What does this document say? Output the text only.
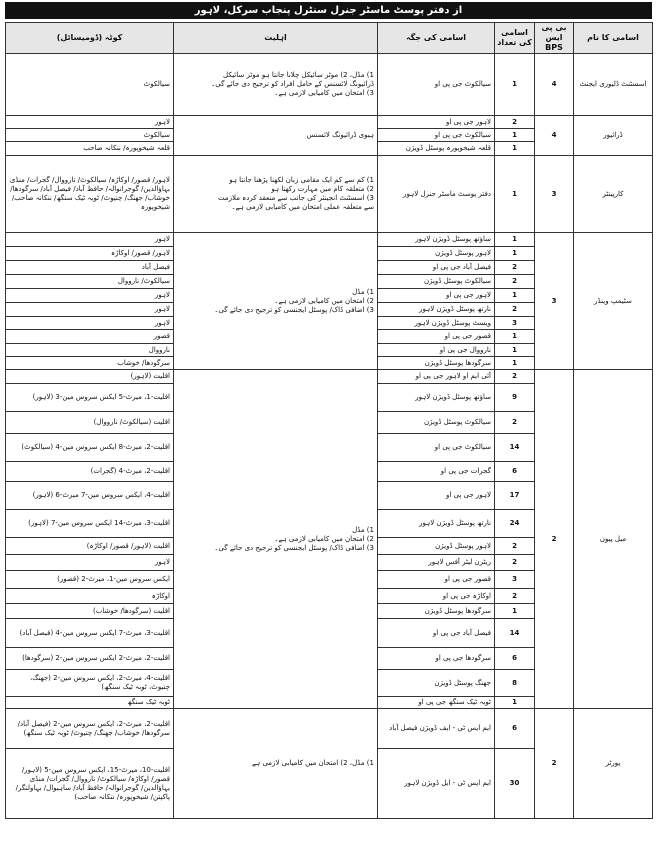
از دفتر پوسٹ ماسٹر جنرل سنٹرل پنجاب سرکل، لاہور
اسامی کا نام	بی پی ایس BPS	اسامی کی تعداد	اسامی کی جگہ	اہلیت	کوٹہ (ڈومیسائل)
اسسٹنٹ ڈلیوری ایجنٹ	4	1	سیالکوٹ جی پی او	1) مڈل، 2) موٹر سائیکل چلانا جانتا ہو موٹر سائیکل
ڈرائیونگ لائسنس کے حامل افراد کو ترجیح دی جائے گی۔
3) امتحان میں کامیابی لازمی ہے۔	سیالکوٹ
ڈرائیور	4	2	لاہور جی پی او	ہیوی ڈرائیونگ لائسنس	لاہور
		1	سیالکوٹ جی پی او		سیالکوٹ
		1	قلعہ شیخوپورہ پوسٹل ڈویژن		قلعہ شیخوپورہ/ ننکانہ صاحب
کارپینٹر	3	1	دفتر پوسٹ ماسٹر جنرل لاہور	1) کم سے کم ایک مقامی زبان لکھنا پڑھنا جانتا ہو
2) متعلقہ کام میں مہارت رکھتا ہو
3) اسسٹنٹ انجینئر کی جانب سے منعقد کردہ ملازمت
سے متعلقہ عملی امتحان میں کامیابی لازمی ہے۔	لاہور/ قصور/ اوکاڑہ/ سیالکوٹ/ نارووال/ گجرات/ منڈی بہاؤالدین/ گوجرانوالہ/ حافظ آباد/ فیصل آباد/ سرگودھا/ خوشاب/ جھنگ/ چنیوٹ/ ٹوبہ ٹیک سنگھ/ ننکانہ صاحب/ شیخوپورہ
سٹیمپ وینڈر	3	1	ساؤتھ پوسٹل ڈویژن لاہور	1) مڈل
2) امتحان میں کامیابی لازمی ہے۔
3) اضافی ڈاک/ پوسٹل ایجنسی کو ترجیح دی جائے گی۔	لاہور
		1	لاہور پوسٹل ڈویژن		لاہور/ قصور/ اوکاڑہ
		2	فیصل آباد جی پی او		فیصل آباد
		2	سیالکوٹ پوسٹل ڈویژن		سیالکوٹ/ نارووال
		1	لاہور جی پی او		لاہور
		2	نارتھ پوسٹل ڈویژن لاہور		لاہور
		3	ویسٹ پوسٹل ڈویژن لاہور		لاہور
		1	قصور جی پی او		قصور
		1	نارووال جی پی او		نارووال
		1	سرگودھا پوسٹل ڈویژن		سرگودھا/ خوشاب
میل پیون	2	2	آئی ایم او لاہور جی پی او	1) مڈل
2) امتحان میں کامیابی لازمی ہے۔
3) اضافی ڈاک/ پوسٹل ایجنسی کو ترجیح دی جائے گی۔	اقلیت (لاہور)
		9	ساؤتھ پوسٹل ڈویژن لاہور		اقلیت-1، میرٹ-5 ایکس سروس مین-3 (لاہور)
		2	سیالکوٹ پوسٹل ڈویژن		اقلیت (سیالکوٹ/ نارووال)
		14	سیالکوٹ جی پی او		اقلیت-2، میرٹ-8 ایکس سروس مین-4 (سیالکوٹ)
		6	گجرات جی پی او		اقلیت-2، میرٹ-4 (گجرات)
		17	لاہور جی پی او		اقلیت-4، ایکس سروس مین-7 میرٹ-6 (لاہور)
		24	نارتھ پوسٹل ڈویژن لاہور		اقلیت-3، میرٹ-14 ایکس سروس مین-7 (لاہور)
		2	لاہور پوسٹل ڈویژن		اقلیت (لاہور/ قصور/ اوکاڑہ)
		2	ریٹرن لیٹر آفس لاہور		لاہور
		3	قصور جی پی او		ایکس سروس مین-1، میرٹ-2 (قصور)
		2	اوکاڑہ جی پی او		اوکاڑہ
		1	سرگودھا پوسٹل ڈویژن		اقلیت (سرگودھا/ خوشاب)
		14	فیصل آباد جی پی او		اقلیت-3، میرٹ-7 ایکس سروس مین-4 (فیصل آباد)
		6	سرگودھا جی پی او		اقلیت-2، میرٹ-2 ایکس سروس مین-2 (سرگودھا)
		8	جھنگ پوسٹل ڈویژن		اقلیت-4، میرٹ-2، ایکس سروس مین-2 (جھنگ، چنیوٹ، ٹوبہ ٹیک سنگھ)
		1	ٹوبہ ٹیک سنگھ جی پی او		ٹوبہ ٹیک سنگھ
پورٹر	2	6	ایم ایس ٹی - ایف ڈویژن فیصل آباد	1) مڈل، 2) امتحان میں کامیابی لازمی ہے	اقلیت-2، میرٹ-2، ایکس سروس مین-2 (فیصل آباد/ سرگودھا/ خوشاب/ جھنگ/ چنیوٹ/ ٹوبہ ٹیک سنگھ)
		30	ایم ایس ٹی - ایل ڈویژن لاہور		اقلیت-10، میرٹ-15، ایکس سروس مین-5 (لاہور/ قصور/ اوکاڑہ/ سیالکوٹ/ نارووال/ گجرات/ منڈی بہاؤالدین/ گوجرانوالہ/ حافظ آباد/ ساہیوال/ بہاولنگر/ پاکپتن/ شیخوپورہ/ ننکانہ صاحب)
